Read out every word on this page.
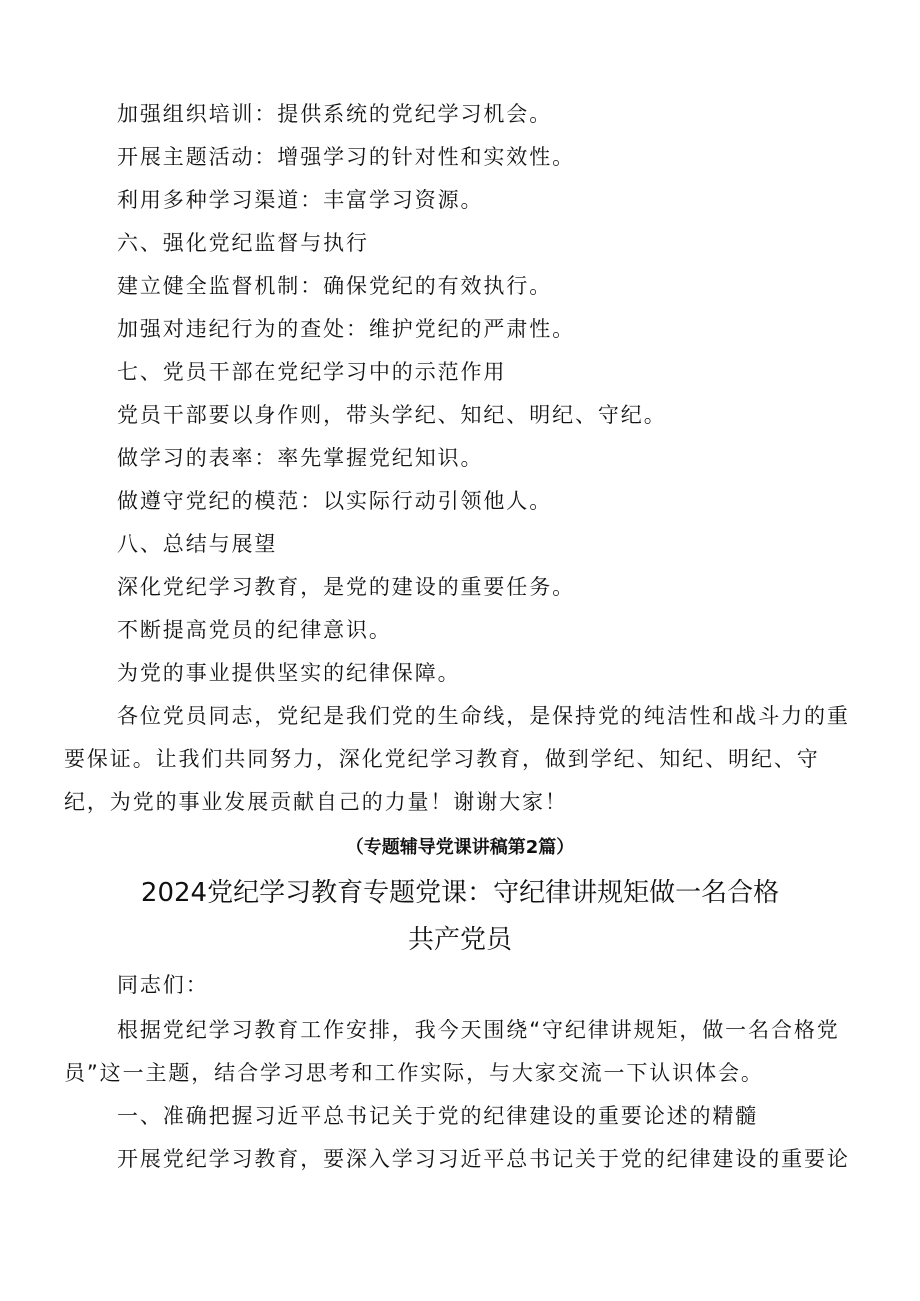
加强组织培训：提供系统的党纪学习机会。
开展主题活动：增强学习的针对性和实效性。
利用多种学习渠道：丰富学习资源。
六、强化党纪监督与执行
建立健全监督机制：确保党纪的有效执行。
加强对违纪行为的查处：维护党纪的严肃性。
七、党员干部在党纪学习中的示范作用
党员干部要以身作则，带头学纪、知纪、明纪、守纪。
做学习的表率：率先掌握党纪知识。
做遵守党纪的模范：以实际行动引领他人。
八、总结与展望
深化党纪学习教育，是党的建设的重要任务。
不断提高党员的纪律意识。
为党的事业提供坚实的纪律保障。
各位党员同志，党纪是我们党的生命线，是保持党的纯洁性和战斗力的重
要保证。让我们共同努力，深化党纪学习教育，做到学纪、知纪、明纪、守
纪，为党的事业发展贡献自己的力量！谢谢大家！
（专题辅导党课讲稿第2篇）
2024党纪学习教育专题党课：守纪律讲规矩做一名合格
共产党员
同志们：
根据党纪学习教育工作安排，我今天围绕“守纪律讲规矩，做一名合格党
员”这一主题，结合学习思考和工作实际，与大家交流一下认识体会。
一、准确把握习近平总书记关于党的纪律建设的重要论述的精髓
开展党纪学习教育，要深入学习习近平总书记关于党的纪律建设的重要论
